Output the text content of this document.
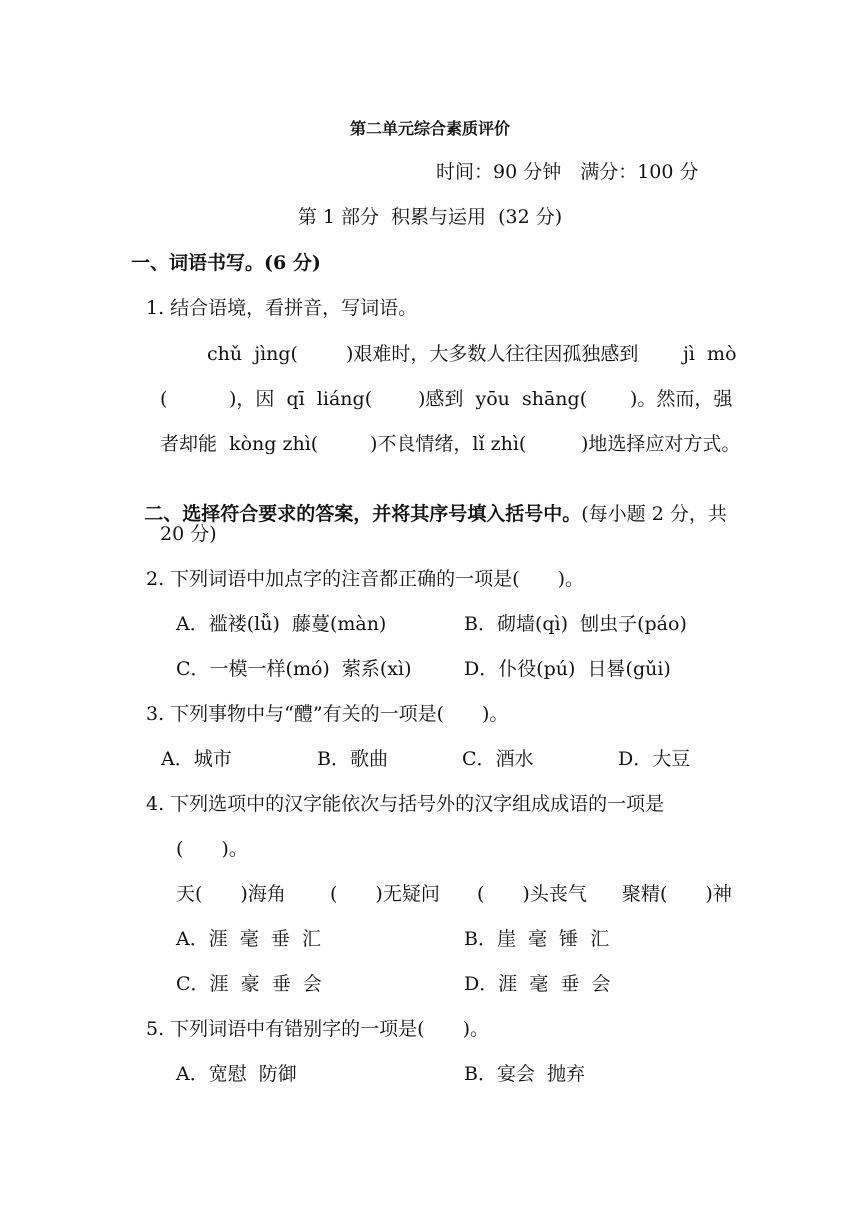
第二单元综合素质评价
时间：90 分钟　满分：100 分
第 1 部分  积累与运用  (32 分)
一、词语书写。(6 分)
1. 结合语境，看拼音，写词语。
chǔ  jìng(	)艰难时，大多数人往往因孤独感到 jì  mò
(	)，因  qī  liáng( )感到  yōu  shāng( )。然而，强
者却能  kòng zhì(	)不良情绪，lǐ zhì(	)地选择应对方式。

二、选择符合要求的答案，并将其序号填入括号中。(每小题 2 分，共

20 分)
2. 下列词语中加点字的注音都正确的一项是(　　)。
A．褴褛(lǚ)  藤蔓(màn)	B．砌墙(qì)  刨虫子(páo)
C．一模一样(mó)  萦系(xì)	D．仆役(pú)  日晷(gǔi)
3. 下列事物中与“醴”有关的一项是(　　)。
A．城市	B．歌曲	C．酒水	D．大豆
4. 下列选项中的汉字能依次与括号外的汉字组成成语的一项是
(　　)。
天(　　)海角 (　　)无疑问 (　　)头丧气 聚精(　　)神
A．涯  毫  垂  汇	B．崖  毫  锤  汇
C．涯  豪  垂  会	D．涯  毫  垂  会
5. 下列词语中有错别字的一项是(　　)。
A．宽慰  防御	B．宴会  抛弃
